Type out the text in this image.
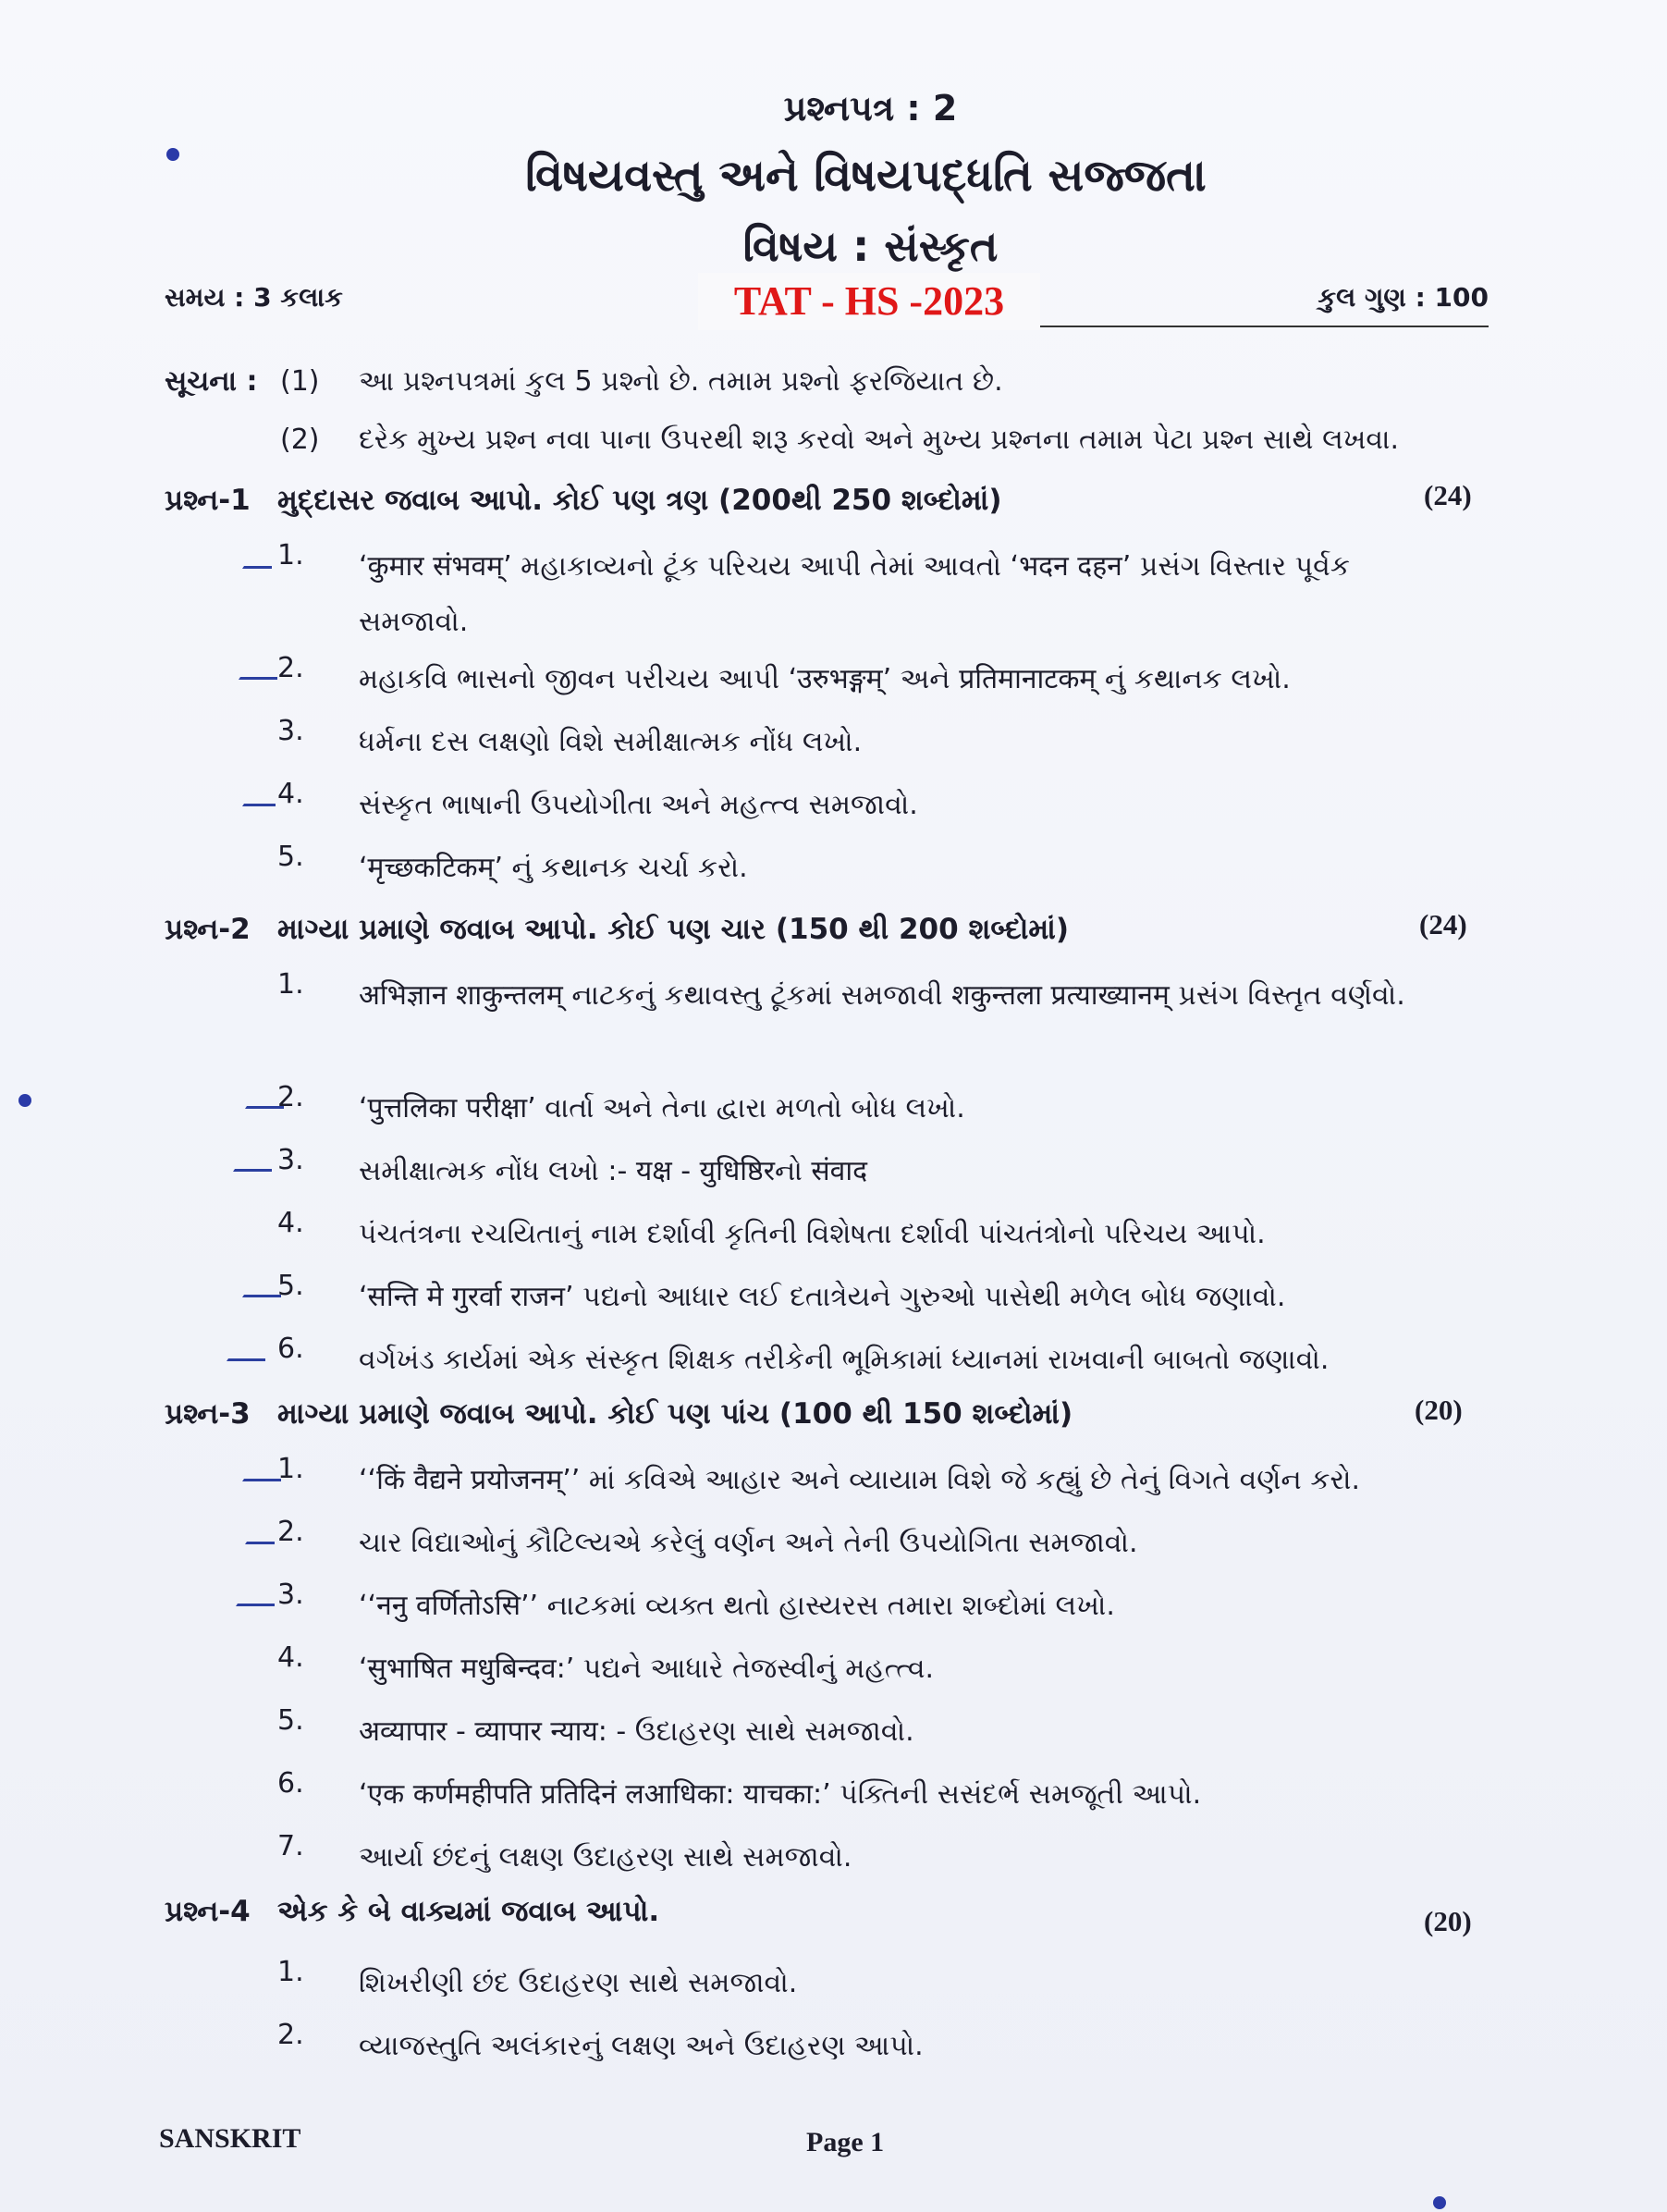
પ્રશ્નપત્ર : 2
વિષયવસ્તુ અને વિષયપદ્ધતિ સજ્જતા
વિષય : સંસ્કૃત
સમય : 3 કલાક	TAT - HS -2023	કુલ ગુણ : 100
સૂચના : (1) આ પ્રશ્નપત્રમાં કુલ 5 પ્રશ્નો છે. તમામ પ્રશ્નો ફરજિયાત છે.
(2) દરેક મુખ્ય પ્રશ્ન નવા પાના ઉપરથી શરૂ કરવો અને મુખ્ય પ્રશ્નના તમામ પેટા પ્રશ્ન સાથે લખવા.
પ્રશ્ન-1 મુદ્દાસર જવાબ આપો. કોઈ પણ ત્રણ (200થી 250 શબ્દોમાં)	(24)
1. ‘कुमार संभवम्’ મહાકાવ્યનો ટૂંક પરિચય આપી તેમાં આવતો ‘भदन दहन’ પ્રસંગ વિસ્તાર પૂર્વક સમજાવો.
2. મહાકવિ ભાસનો જીવન પરીચય આપી ‘उरुभङ्गम्’ અને प्रतिमानाटकम् નું કથાનક લખો.
3. ધર્મના દસ લક્ષણો વિશે સમીક્ષાત્મક નોંધ લખો.
4. સંસ્કૃત ભાષાની ઉપયોગીતા અને મહત્ત્વ સમજાવો.
5. ‘मृच्छकटिकम्’ નું કથાનક ચર્ચા કરો.
પ્રશ્ન-2 માગ્યા પ્રમાણે જવાબ આપો. કોઈ પણ ચાર (150 થી 200 શબ્દોમાં)	(24)
1. अभिज्ञान शाकुन्तलम् નાટકનું કથાવસ્તુ ટૂંકમાં સમજાવી शकुन्तला प्रत्याख्यानम् પ્રસંગ વિસ્તૃત વર્ણવો.
2. ‘पुत्तलिका परीक्षा’ વાર્તા અને તેના દ્વારા મળતો બોધ લખો.
3. સમીક્ષાત્મક નોંધ લખો :- यक्ष - युधिष्ठिरનો संवाद
4. પંચતંત્રના રચયિતાનું નામ દર્શાવી કૃતિની વિશેષતા દર્શાવી પાંચતંત્રોનો પરિચય આપો.
5. ‘सन्ति मे गुरर्वा राजन’ પદ્યનો આધાર લઈ દતાત્રેયને ગુરુઓ પાસેથી મળેલ બોધ જણાવો.
6. વર્ગખંડ કાર્યમાં એક સંસ્કૃત શિક્ષક તરીકેની ભૂમિકામાં ધ્યાનમાં રાખવાની બાબતો જણાવો.
પ્રશ્ન-3 માગ્યા પ્રમાણે જવાબ આપો. કોઈ પણ પાંચ (100 થી 150 શબ્દોમાં)	(20)
1. ‘‘किं वैद्यने प्रयोजनम्’’ માં કવિએ આહાર અને વ્યાયામ વિશે જે કહ્યું છે તેનું વિગતે વર્ણન કરો.
2. ચાર વિદ્યાઓનું કૌટિલ્યએ કરેલું વર્ણન અને તેની ઉપયોગિતા સમજાવો.
3. ‘‘ननु वर्णितोऽसि’’ નાટકમાં વ્યક્ત થતો હાસ્યરસ તમારા શબ્દોમાં લખો.
4. ‘सुभाषित मधुबिन्दव:’ પદ્યને આધારે તેજસ્વીનું મહત્ત્વ.
5. अव्यापार - व्यापार न्याय: - ઉદાહરણ સાથે સમજાવો.
6. ‘एक कर्णमहीपति प्रतिदिनं लआधिका: याचका:’ પંક્તિની સસંદર્ભ સમજૂતી આપો.
7. આર્યા છંદનું લક્ષણ ઉદાહરણ સાથે સમજાવો.
પ્રશ્ન-4 એક કે બે વાક્યમાં જવાબ આપો.	(20)
1. શિખરીણી છંદ ઉદાહરણ સાથે સમજાવો.
2. વ્યાજસ્તુતિ અલંકારનું લક્ષણ અને ઉદાહરણ આપો.
SANSKRIT	Page 1
